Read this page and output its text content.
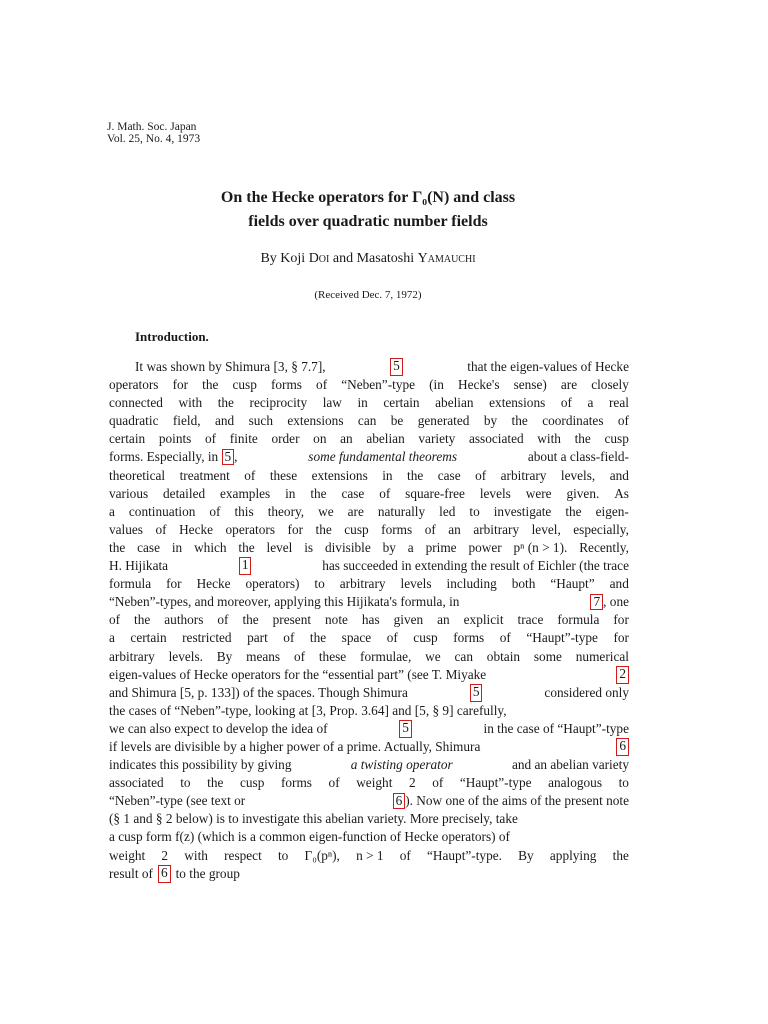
J. Math. Soc. Japan
Vol. 25, No. 4, 1973
On the Hecke operators for Γ₀(N) and class
fields over quadratic number fields
By Koji Doi and Masatoshi Yamauchi
(Received Dec. 7, 1972)
Introduction.
It was shown by Shimura [3, § 7.7],	5	that the eigen-values of Hecke
operators for the cusp forms of “Neben”-type (in Hecke's sense) are closely
connected with the reciprocity law in certain abelian extensions of a real
quadratic field, and such extensions can be generated by the coordinates of
certain points of finite order on an abelian variety associated with the cusp
forms. Especially, in 5 ,	some fundamental theorems	about a class-field-
theoretical treatment of these extensions in the case of arbitrary levels, and
various detailed examples in the case of square-free levels were given. As
a continuation of this theory, we are naturally led to investigate the eigen-
values of Hecke operators for the cusp forms of an arbitrary level, especially,
the case in which the level is divisible by a prime power pⁿ (n > 1). Recently,
H. Hijikata	1	has succeeded in extending the result of Eichler (the trace
formula for Hecke operators) to arbitrary levels including both “Haupt” and
“Neben”-types, and moreover, applying this Hijikata's formula, in	7 , one
of the authors of the present note has given an explicit trace formula for
a certain restricted part of the space of cusp forms of “Haupt”-type for
arbitrary levels. By means of these formulae, we can obtain some numerical
eigen-values of Hecke operators for the “essential part” (see T. Miyake	2
and Shimura [5, p. 133]) of the spaces. Though Shimura	5	considered only
the cases of “Neben”-type, looking at [3, Prop. 3.64] and [5, § 9] carefully,
we can also expect to develop the idea of	5	in the case of “Haupt”-type
if levels are divisible by a higher power of a prime. Actually, Shimura	6
indicates this possibility by giving	a twisting operator	and an abelian variety
associated to the cusp forms of weight 2 of “Haupt”-type analogous to
“Neben”-type (see text or	6 ). Now one of the aims of the present note
(§ 1 and § 2 below) is to investigate this abelian variety. More precisely, take
a cusp form f(z) (which is a common eigen-function of Hecke operators) of
weight 2 with respect to Γ₀(pⁿ), n > 1 of “Haupt”-type. By applying the
result of 6 to the group
